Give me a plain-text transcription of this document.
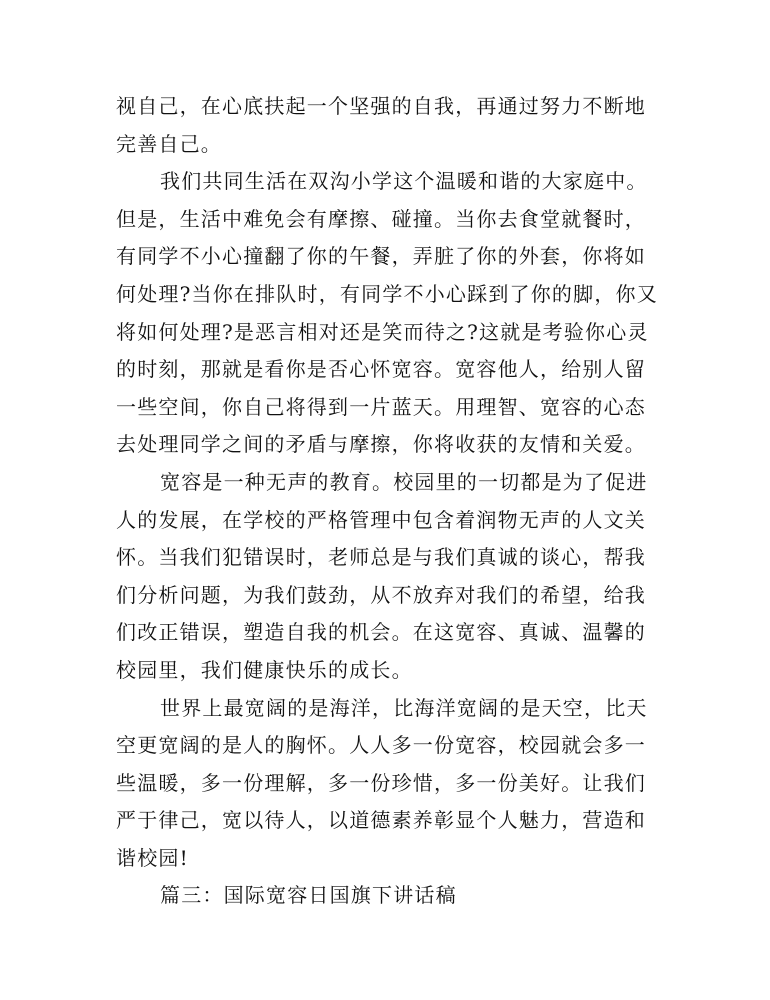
视自己，在心底扶起一个坚强的自我，再通过努力不断地
完善自己。
我们共同生活在双沟小学这个温暖和谐的大家庭中。
但是，生活中难免会有摩擦、碰撞。当你去食堂就餐时，
有同学不小心撞翻了你的午餐，弄脏了你的外套，你将如
何处理?当你在排队时，有同学不小心踩到了你的脚，你又
将如何处理?是恶言相对还是笑而待之?这就是考验你心灵
的时刻，那就是看你是否心怀宽容。宽容他人，给别人留
一些空间，你自己将得到一片蓝天。用理智、宽容的心态
去处理同学之间的矛盾与摩擦，你将收获的友情和关爱。
宽容是一种无声的教育。校园里的一切都是为了促进
人的发展，在学校的严格管理中包含着润物无声的人文关
怀。当我们犯错误时，老师总是与我们真诚的谈心，帮我
们分析问题，为我们鼓劲，从不放弃对我们的希望，给我
们改正错误，塑造自我的机会。在这宽容、真诚、温馨的
校园里，我们健康快乐的成长。
世界上最宽阔的是海洋，比海洋宽阔的是天空，比天
空更宽阔的是人的胸怀。人人多一份宽容，校园就会多一
些温暖，多一份理解，多一份珍惜，多一份美好。让我们
严于律己，宽以待人，以道德素养彰显个人魅力，营造和
谐校园!
篇三：国际宽容日国旗下讲话稿
